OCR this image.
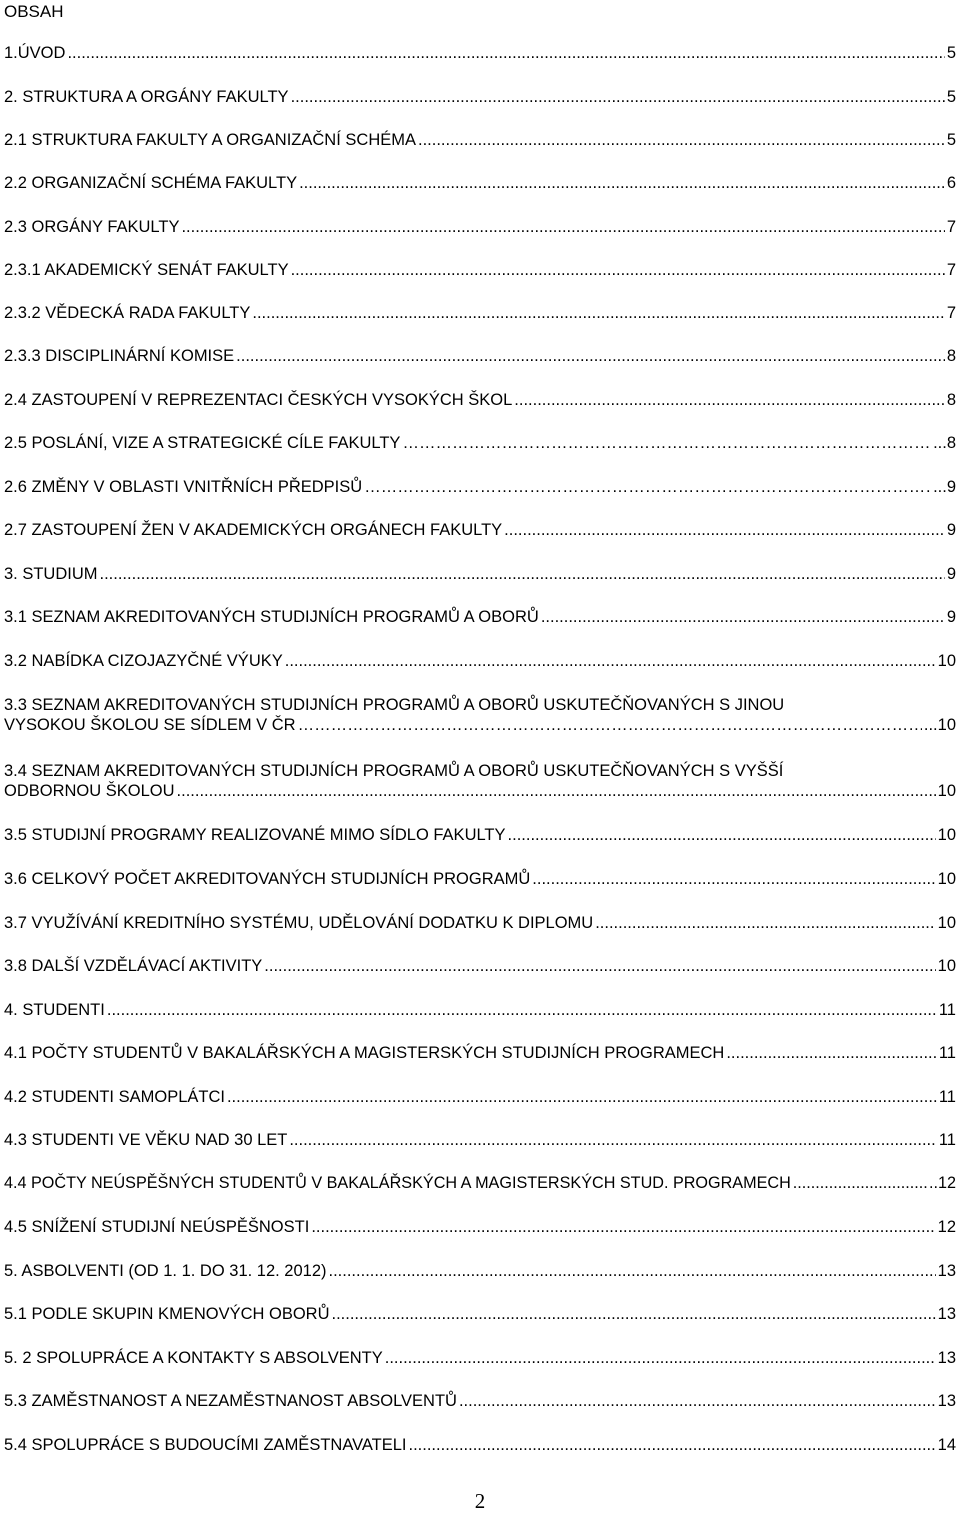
OBSAH
1.ÚVOD .....	5
2. STRUKTURA A ORGÁNY FAKULTY .....	5
2.1 STRUKTURA FAKULTY A ORGANIZAČNÍ SCHÉMA .....	5
2.2 ORGANIZAČNÍ SCHÉMA FAKULTY .....	6
2.3 ORGÁNY FAKULTY .....	7
2.3.1 AKADEMICKÝ SENÁT FAKULTY .....	7
2.3.2 VĚDECKÁ RADA FAKULTY .....	7
2.3.3 DISCIPLINÁRNÍ KOMISE .....	8
2.4 ZASTOUPENÍ V REPREZENTACI ČESKÝCH VYSOKÝCH ŠKOL .....	8
2.5 POSLÁNÍ, VIZE A STRATEGICKÉ CÍLE FAKULTY …………………………………………………………………………………………………………………………………………………………………………………………………………………	...8
2.6 ZMĚNY V OBLASTI VNITŘNÍCH PŘEDPISŮ …………………………………………………………………………………………………………………………………………………………………………………………………………………	...9
2.7 ZASTOUPENÍ ŽEN V AKADEMICKÝCH ORGÁNECH FAKULTY .....	9
3. STUDIUM .....	9
3.1 SEZNAM AKREDITOVANÝCH STUDIJNÍCH PROGRAMŮ A OBORŮ .....	9
3.2 NABÍDKA CIZOJAZYČNÉ VÝUKY .....	10
3.3 SEZNAM AKREDITOVANÝCH STUDIJNÍCH PROGRAMŮ A OBORŮ USKUTEČŇOVANÝCH S JINOU
VYSOKOU ŠKOLOU SE SÍDLEM V ČR …………………………………………………………………………………………………………………………………………………………………………………………………………………	...10
3.4 SEZNAM AKREDITOVANÝCH STUDIJNÍCH PROGRAMŮ A OBORŮ USKUTEČŇOVANÝCH S VYŠŠÍ
ODBORNOU ŠKOLOU .....	10
3.5 STUDIJNÍ PROGRAMY REALIZOVANÉ MIMO SÍDLO FAKULTY .....	10
3.6 CELKOVÝ POČET AKREDITOVANÝCH STUDIJNÍCH PROGRAMŮ .....	10
3.7 VYUŽÍVÁNÍ KREDITNÍHO SYSTÉMU, UDĚLOVÁNÍ DODATKU K DIPLOMU .....	10
3.8 DALŠÍ VZDĚLÁVACÍ AKTIVITY .....	10
4. STUDENTI .....	11
4.1 POČTY STUDENTŮ V BAKALÁŘSKÝCH A MAGISTERSKÝCH STUDIJNÍCH PROGRAMECH .....	11
4.2 STUDENTI SAMOPLÁTCI .....	11
4.3 STUDENTI VE VĚKU NAD 30 LET .....	11
4.4 POČTY NEÚSPĚŠNÝCH STUDENTŮ V BAKALÁŘSKÝCH A MAGISTERSKÝCH STUD. PROGRAMECH .....	..12
4.5 SNÍŽENÍ STUDIJNÍ NEÚSPĚŠNOSTI .....	12
5. ASBOLVENTI (OD 1. 1. DO 31. 12. 2012) .....	13
5.1 PODLE SKUPIN KMENOVÝCH OBORŮ .....	13
5. 2 SPOLUPRÁCE A KONTAKTY S ABSOLVENTY .....	13
5.3 ZAMĚSTNANOST A NEZAMĚSTNANOST ABSOLVENTŮ .....	13
5.4 SPOLUPRÁCE S BUDOUCÍMI ZAMĚSTNAVATELI .....	14
2
